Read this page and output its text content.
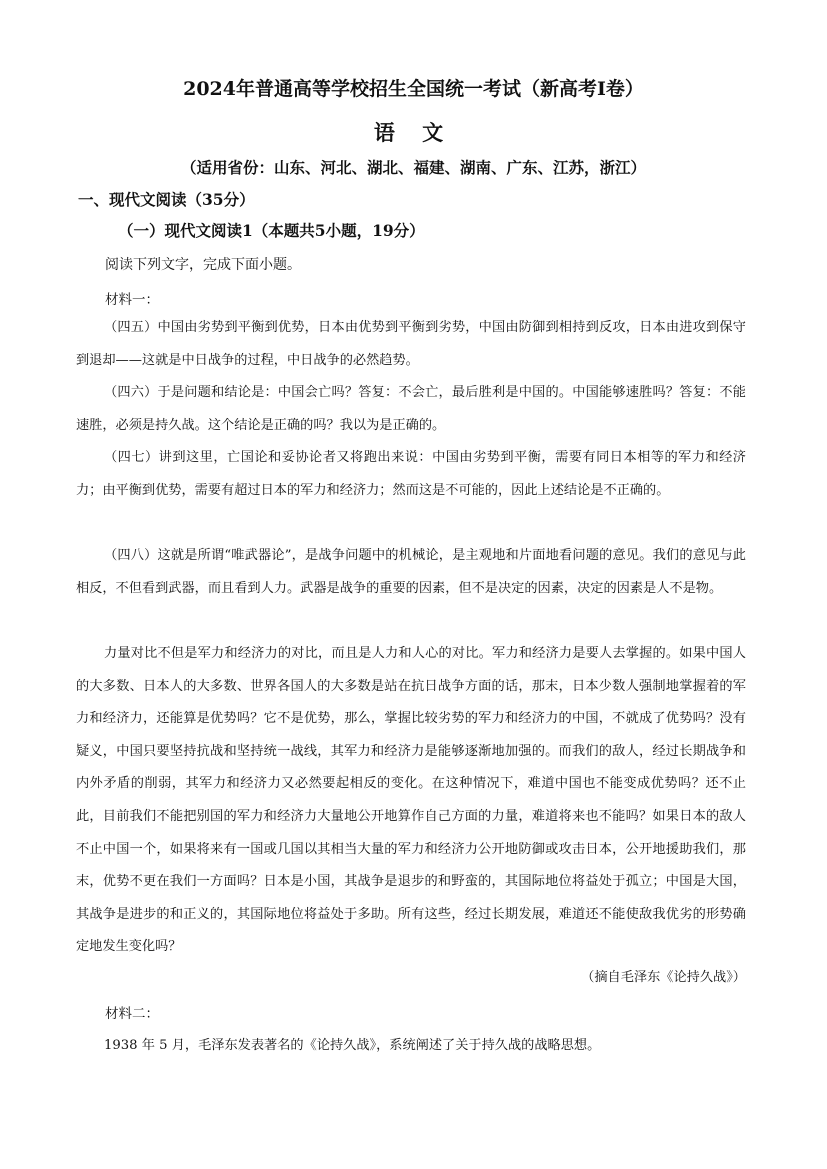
2024年普通高等学校招生全国统一考试（新高考Ⅰ卷）
语 文
（适用省份：山东、河北、湖北、福建、湖南、广东、江苏，浙江）
一、现代文阅读（35分）
（一）现代文阅读1（本题共5小题，19分）
阅读下列文字，完成下面小题。
材料一：
（四五）中国由劣势到平衡到优势，日本由优势到平衡到劣势，中国由防御到相持到反攻，日本由进攻到保守到退却——这就是中日战争的过程，中日战争的必然趋势。
（四六）于是问题和结论是：中国会亡吗？答复：不会亡，最后胜利是中国的。中国能够速胜吗？答复：不能速胜，必须是持久战。这个结论是正确的吗？我以为是正确的。
（四七）讲到这里，亡国论和妥协论者又将跑出来说：中国由劣势到平衡，需要有同日本相等的军力和经济力；由平衡到优势，需要有超过日本的军力和经济力；然而这是不可能的，因此上述结论是不正确的。
（四八）这就是所谓“唯武器论”，是战争问题中的机械论，是主观地和片面地看问题的意见。我们的意见与此相反，不但看到武器，而且看到人力。武器是战争的重要的因素，但不是决定的因素，决定的因素是人不是物。
力量对比不但是军力和经济力的对比，而且是人力和人心的对比。军力和经济力是要人去掌握的。如果中国人的大多数、日本人的大多数、世界各国人的大多数是站在抗日战争方面的话，那末，日本少数人强制地掌握着的军力和经济力，还能算是优势吗？它不是优势，那么，掌握比较劣势的军力和经济力的中国，不就成了优势吗？没有疑义，中国只要坚持抗战和坚持统一战线，其军力和经济力是能够逐渐地加强的。而我们的敌人，经过长期战争和内外矛盾的削弱，其军力和经济力又必然要起相反的变化。在这种情况下，难道中国也不能变成优势吗？还不止此，目前我们不能把别国的军力和经济力大量地公开地算作自己方面的力量，难道将来也不能吗？如果日本的敌人不止中国一个，如果将来有一国或几国以其相当大量的军力和经济力公开地防御或攻击日本，公开地援助我们，那末，优势不更在我们一方面吗？日本是小国，其战争是退步的和野蛮的，其国际地位将益处于孤立；中国是大国，其战争是进步的和正义的，其国际地位将益处于多助。所有这些，经过长期发展，难道还不能使敌我优劣的形势确定地发生变化吗？
（摘自毛泽东《论持久战》）
材料二：
1938 年 5 月，毛泽东发表著名的《论持久战》，系统阐述了关于持久战的战略思想。
